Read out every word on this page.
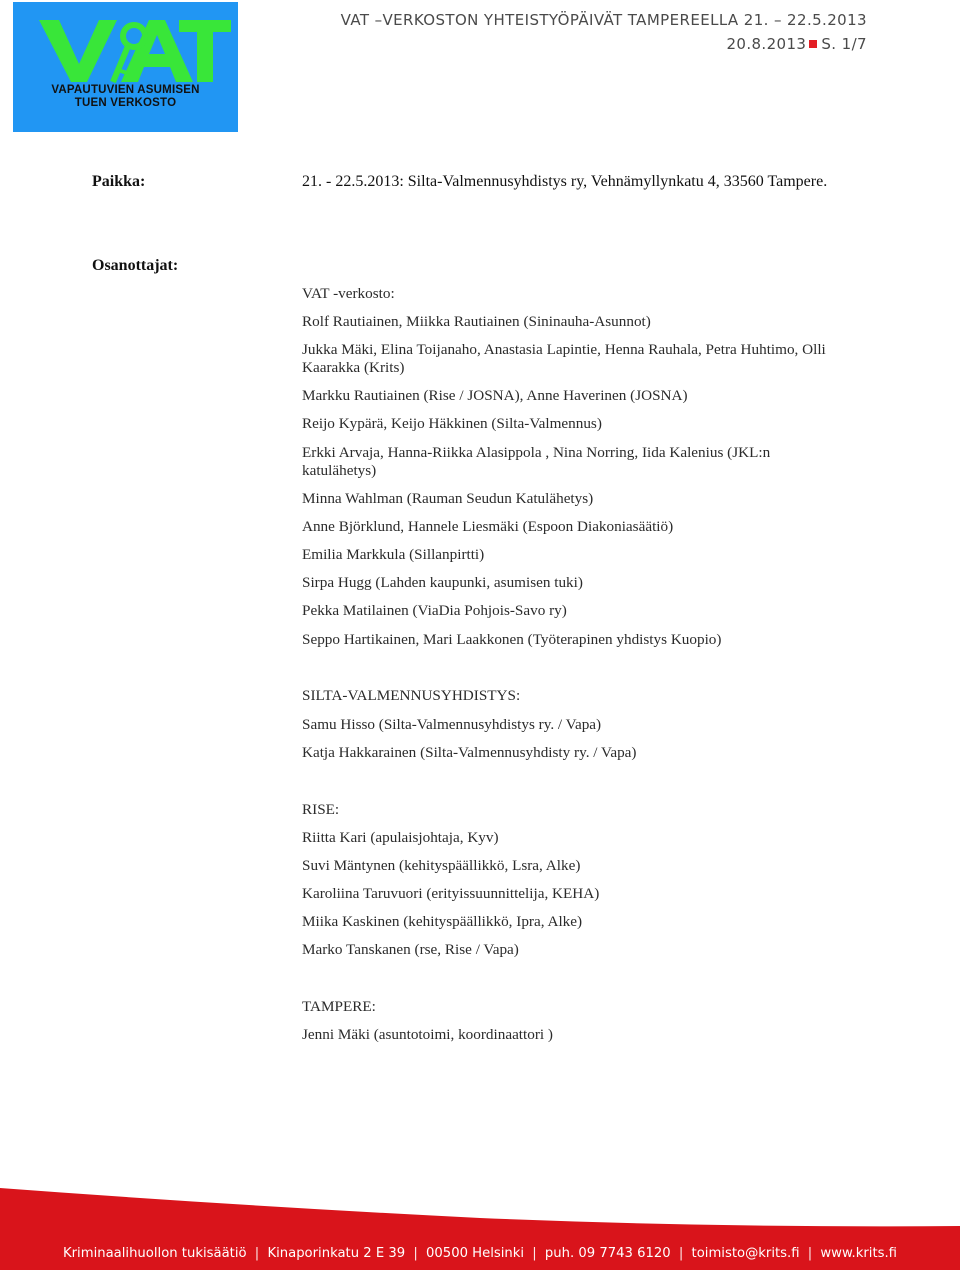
VAPAUTUVIEN ASUMISEN
TUEN VERKOSTO
VAT –VERKOSTON YHTEISTYÖPÄIVÄT TAMPEREELLA 21. – 22.5.2013
20.8.2013 S. 1/7
Paikka:	21. - 22.5.2013: Silta-Valmennusyhdistys ry, Vehnämyllynkatu 4, 33560 Tampere.
Osanottajat:
VAT -verkosto:
Rolf Rautiainen, Miikka Rautiainen (Sininauha-Asunnot)
Jukka Mäki, Elina Toijanaho, Anastasia Lapintie, Henna Rauhala, Petra Huhtimo, Olli
Kaarakka (Krits)
Markku Rautiainen (Rise / JOSNA), Anne Haverinen (JOSNA)
Reijo Kypärä, Keijo Häkkinen (Silta-Valmennus)
Erkki Arvaja, Hanna-Riikka Alasippola , Nina Norring, Iida Kalenius (JKL:n
katulähetys)
Minna Wahlman (Rauman Seudun Katulähetys)
Anne Björklund, Hannele Liesmäki (Espoon Diakoniasäätiö)
Emilia Markkula (Sillanpirtti)
Sirpa Hugg (Lahden kaupunki, asumisen tuki)
Pekka Matilainen (ViaDia Pohjois-Savo ry)
Seppo Hartikainen, Mari Laakkonen (Työterapinen yhdistys Kuopio)
SILTA-VALMENNUSYHDISTYS:
Samu Hisso (Silta-Valmennusyhdistys ry. / Vapa)
Katja Hakkarainen (Silta-Valmennusyhdisty ry. / Vapa)
RISE:
Riitta Kari (apulaisjohtaja, Kyv)
Suvi Mäntynen (kehityspäällikkö, Lsra, Alke)
Karoliina Taruvuori (erityissuunnittelija, KEHA)
Miika Kaskinen (kehityspäällikkö, Ipra, Alke)
Marko Tanskanen (rse, Rise / Vapa)
TAMPERE:
Jenni Mäki (asuntotoimi, koordinaattori )
Kriminaalihuollon tukisäätiö | Kinaporinkatu 2 E 39 | 00500 Helsinki | puh. 09 7743 6120 | toimisto@krits.fi | www.krits.fi
